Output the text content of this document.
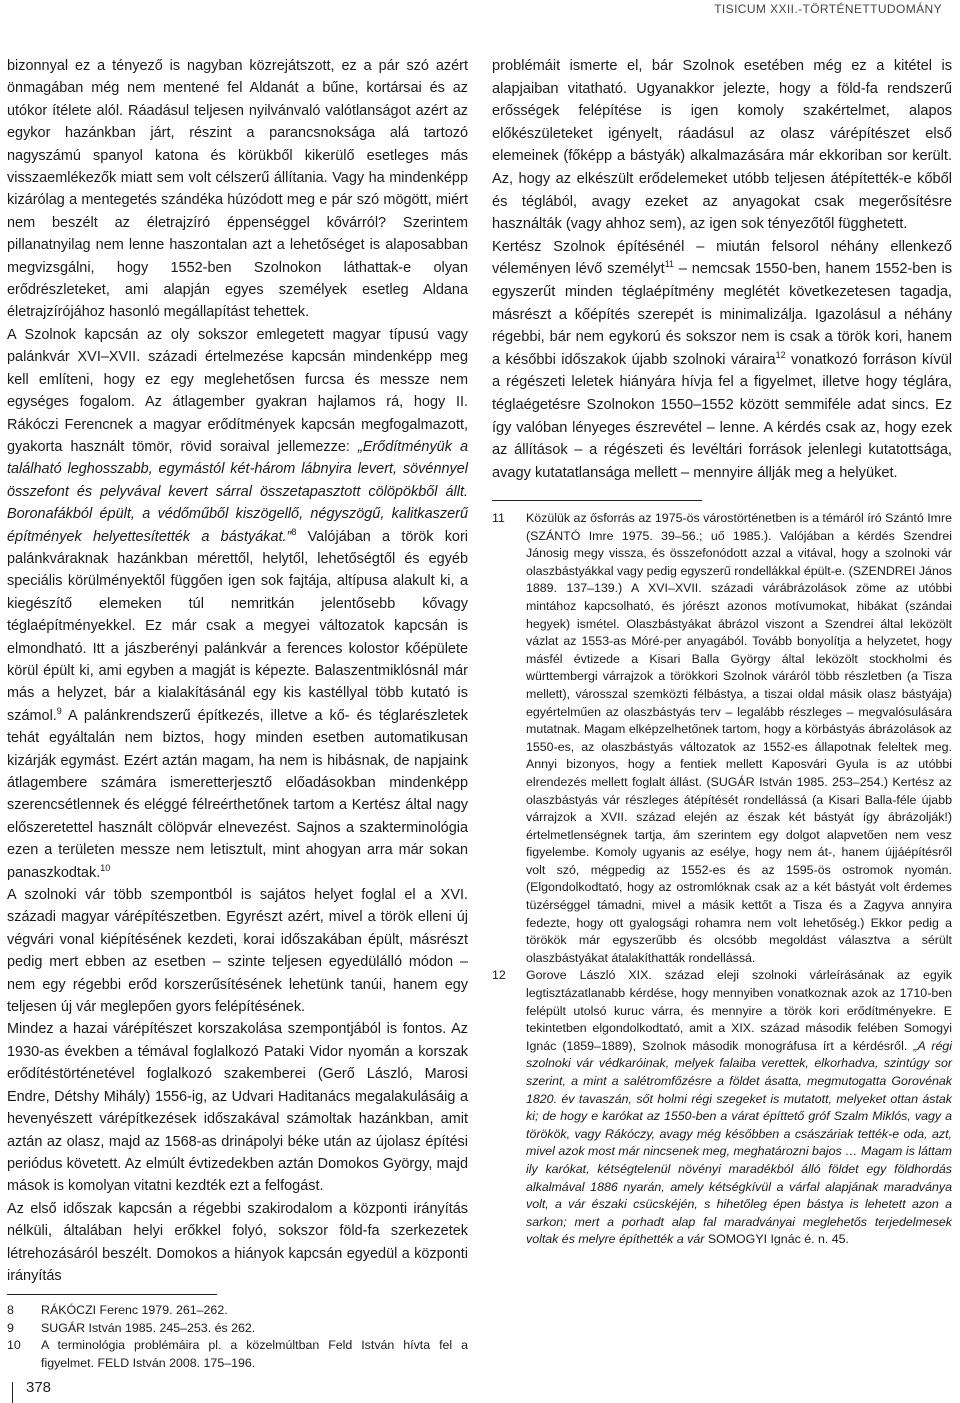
TISICUM XXII.-TÖRTÉNETTUDOMÁNY

bizonnyal ez a tényező is nagyban közrejátszott, ez a pár szó azért önmagában még nem mentené fel Aldanát a bűne, kortársai és az utókor ítélete alól. Ráadásul teljesen nyilvánvaló valótlanságot azért az egykor hazánkban járt, részint a parancsnoksága alá tartozó nagyszámú spanyol katona és körükből kikerülő esetleges más visszaemlékezők miatt sem volt célszerű állítania. Vagy ha mindenképp kizárólag a mentegetés szándéka húzódott meg e pár szó mögött, miért nem beszélt az életrajzíró éppenséggel kővárról? Szerintem pillanatnyilag nem lenne haszontalan azt a lehetőséget is alaposabban megvizsgálni, hogy 1552-ben Szolnokon láthattak-e olyan erődrészleteket, ami alapján egyes személyek esetleg Aldana életrajzírójához hasonló megállapítást tehettek.

A Szolnok kapcsán az oly sokszor emlegetett magyar típusú vagy palánkvár XVI–XVII. századi értelmezése kapcsán mindenképp meg kell említeni, hogy ez egy meglehetősen furcsa és messze nem egységes fogalom. Az átlagember gyakran hajlamos rá, hogy II. Rákóczi Ferencnek a magyar erődítmények kapcsán megfogalmazott, gyakorta használt tömör, rövid soraival jellemezze: „Erődítményük a található leghosszabb, egymástól két-három lábnyira levert, sövénnyel összefont és pelyvával kevert sárral összetapasztott cölöpökből állt. Boronafákból épült, a védőműből kiszögellő, négyszögű, kalitkaszerű építmények helyettesítették a bástyákat.”$^8$ Valójában a török kori palánkváraknak hazánkban mérettől, helytől, lehetőségtől és egyéb speciális körülményektől függően igen sok fajtája, altípusa alakult ki, a kiegészítő elemeken túl nemritkán jelentősebb kővagy téglaépítményekkel. Ez már csak a megyei változatok kapcsán is elmondható. Itt a jászberényi palánkvár a ferences kolostor kőépülete körül épült ki, ami egyben a magját is képezte. Balaszentmiklósnál már más a helyzet, bár a kialakításánál egy kis kastéllyal több kutató is számol.$^9$ A palánkrendszerű építkezés, illetve a kő- és téglarészletek tehát egyáltalán nem biztos, hogy minden esetben automatikusan kizárják egymást. Ezért aztán magam, ha nem is hibásnak, de napjaink átlagembere számára ismeretterjesztő előadásokban mindenképp szerencsétlennek és eléggé félreérthetőnek tartom a Kertész által nagy előszeretettel használt cölöpvár elnevezést. Sajnos a szakterminológia ezen a területen messze nem letisztult, mint ahogyan arra már sokan panaszkodtak.$^{10}$

A szolnoki vár több szempontból is sajátos helyet foglal el a XVI. századi magyar várépítészetben. Egyrészt azért, mivel a török elleni új végvári vonal kiépítésének kezdeti, korai időszakában épült, másrészt pedig mert ebben az esetben – szinte teljesen egyedülálló módon – nem egy régebbi erőd korszerűsítésének lehetünk tanúi, hanem egy teljesen új vár meglepően gyors felépítésének.

Mindez a hazai várépítészet korszakolása szempontjából is fontos. Az 1930-as években a témával foglalkozó Pataki Vidor nyomán a korszak erődítéstörténetével foglalkozó szakemberei (Gerő László, Marosi Endre, Détshy Mihály) 1556-ig, az Udvari Haditanács megalakulásáig a hevenyészett várépítkezések időszakával számoltak hazánkban, amit aztán az olasz, majd az 1568-as drinápolyi béke után az újolasz építési periódus követett. Az elmúlt évtizedekben aztán Domokos György, majd mások is komolyan vitatni kezdték ezt a felfogást.

Az első időszak kapcsán a régebbi szakirodalom a központi irányítás nélküli, általában helyi erőkkel folyó, sokszor föld-fa szerkezetek létrehozásáról beszélt. Domokos a hiányok kapcsán egyedül a központi irányítás

problémáit ismerte el, bár Szolnok esetében még ez a kitétel is alapjaiban vitatható. Ugyanakkor jelezte, hogy a föld-fa rendszerű erősségek felépítése is igen komoly szakértelmet, alapos előkészületeket igényelt, ráadásul az olasz várépítészet első elemeinek (főképp a bástyák) alkalmazására már ekkoriban sor került. Az, hogy az elkészült erődelemeket utóbb teljesen átépítették-e kőből és téglából, avagy ezeket az anyagokat csak megerősítésre használták (vagy ahhoz sem), az igen sok tényezőtől függhetett.

Kertész Szolnok építésénél – miután felsorol néhány ellenkező véleményen lévő személyt$^{11}$ – nemcsak 1550-ben, hanem 1552-ben is egyszerűt minden téglaépítmény meglétét következetesen tagadja, másrészt a kőépítés szerepét is minimalizálja. Igazolásul a néhány régebbi, bár nem egykorú és sokszor nem is csak a török kori, hanem a későbbi időszakok újabb szolnoki váraira$^{12}$ vonatkozó forráson kívül a régészeti leletek hiányára hívja fel a figyelmet, illetve hogy téglára, téglaégetésre Szolnokon 1550–1552 között semmiféle adat sincs. Ez így valóban lényeges észrevétel – lenne. A kérdés csak az, hogy ezek az állítások – a régészeti és levéltári források jelenlegi kutatottsága, avagy kutatatlansága mellett – mennyire állják meg a helyüket.

11	Közülük az ősforrás az 1975-ös várostörténetben is a témáról író Szántó Imre (SZÁNTÓ Imre 1975. 39–56.; uő 1985.). Valójában a kérdés Szendrei Jánosig megy vissza, és összefonódott azzal a vitával, hogy a szolnoki vár olaszbástyákkal vagy pedig egyszerű rondellákkal épült-e. (SZENDREI János 1889. 137–139.) A XVI–XVII. századi várábrázolások zöme az utóbbi mintához kapcsolható, és jórészt azonos motívumokat, hibákat (szándai hegyek) ismétel. Olaszbástyákat ábrázol viszont a Szendrei által leközölt vázlat az 1553-as Móré-per anyagából. Tovább bonyolítja a helyzetet, hogy másfél évtizede a Kisari Balla György által leközölt stockholmi és württembergi várrajzok a törökkori Szolnok váráról több részletben (a Tisza mellett), városszal szemközti félbástya, a tiszai oldal másik olasz bástyája) egyértelműen az olaszbástyás terv – legalább részleges – megvalósulására mutatnak. Magam elképzelhetőnek tartom, hogy a körbástyás ábrázolások az 1550-es, az olaszbástyás változatok az 1552-es állapotnak feleltek meg. Annyi bizonyos, hogy a fentiek mellett Kaposvári Gyula is az utóbbi elrendezés mellett foglalt állást. (SUGÁR István 1985. 253–254.) Kertész az olaszbástyás vár részleges átépítését rondellássá (a Kisari Balla-féle újabb várrajzok a XVII. század elején az észak két bástyát így ábrázolják!) értelmetlenségnek tartja, ám szerintem egy dolgot alapvetően nem vesz figyelembe. Komoly ugyanis az esélye, hogy nem át-, hanem újjáépítésről volt szó, mégpedig az 1552-es és az 1595-ös ostromok nyomán. (Elgondolkodtató, hogy az ostromlóknak csak az a két bástyát volt érdemes tüzérséggel támadni, mivel a másik kettőt a Tisza és a Zagyva annyira fedezte, hogy ott gyalogsági rohamra nem volt lehetőség.) Ekkor pedig a törökök már egyszerűbb és olcsóbb megoldást választva a sérült olaszbástyákat átalakíthatták rondellássá.

12	Gorove László XIX. század eleji szolnoki várleírásának az egyik legtisztázatlanabb kérdése, hogy mennyiben vonatkoznak azok az 1710-ben felépült utolsó kuruc várra, és mennyire a török kori erődítményekre. E tekintetben elgondolkodtató, amit a XIX. század második felében Somogyi Ignác (1859–1889), Szolnok második monográfusa írt a kérdésről. „A régi szolnoki vár védkaróinak, melyek falaiba verettek, elkorhadva, szintúgy sor szerint, a mint a salétromfőzésre a földet ásatta, megmutogatta Gorovénak 1820. év tavaszán, sőt holmi régi szegeket is mutatott, melyeket ottan ástak ki; de hogy e karókat az 1550-ben a várat építtető gróf Szalm Miklós, vagy a törökök, vagy Rákóczy, avagy még későbben a császáriak tették-e oda, azt, mivel azok most már nincsenek meg, meghatározni bajos … Magam is láttam ily karókat, kétségtelenül növényi maradékból álló földet egy földhordás alkalmával 1886 nyarán, amely kétségkívül a várfal alapjának maradványa volt, a vár északi csücskéjén, s hihetőleg épen bástya is lehetett azon a sarkon; mert a porhadt alap fal maradványai meglehetős terjedelmesek voltak és melyre építhették a vár SOMOGYI Ignác é. n. 45.

8	RÁKÓCZI Ferenc 1979. 261–262.

9	SUGÁR István 1985. 245–253. és 262.

10	A terminológia problémáira pl. a közelmúltban Feld István hívta fel a figyelmet. FELD István 2008. 175–196.

378
